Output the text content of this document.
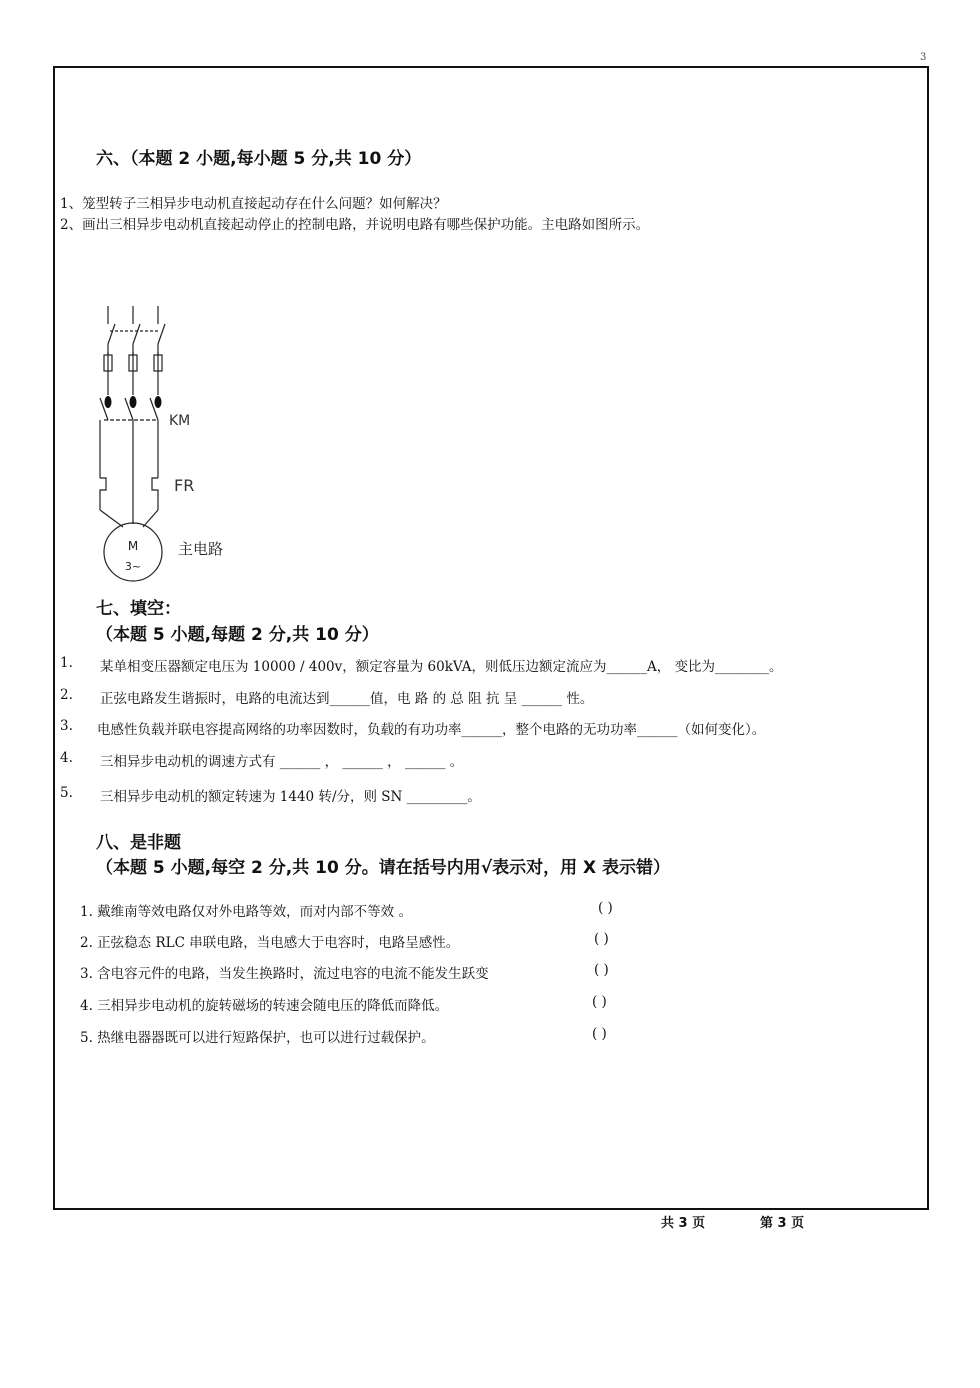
3
六、（本题 2 小题,每小题 5 分,共 10 分）
1、笼型转子三相异步电动机直接起动存在什么问题？如何解决？
2、画出三相异步电动机直接起动停止的控制电路，并说明电路有哪些保护功能。主电路如图所示。
KM
FR
M
3~
主电路
七、填空：
（本题 5 小题,每题 2 分,共 10 分）
1. 某单相变压器额定电压为 10000 / 400v，额定容量为 60kVA，则低压边额定流应为______A， 变比为________。
2. 正弦电路发生谐振时，电路的电流达到______值，电 路 的 总 阻 抗 呈 ______ 性。
3. 电感性负载并联电容提高网络的功率因数时，负载的有功功率______，整个电路的无功功率______（如何变化）。
4. 三相异步电动机的调速方式有 ______ ， ______ ， ______ 。
5. 三相异步电动机的额定转速为 1440 转/分，则 SN _________。
八、是非题
（本题 5 小题,每空 2 分,共 10 分。请在括号内用√表示对，用 X 表示错）
1. 戴维南等效电路仅对外电路等效，而对内部不等效 。	( )
2. 正弦稳态 RLC 串联电路，当电感大于电容时，电路呈感性。	( )
3. 含电容元件的电路，当发生换路时，流过电容的电流不能发生跃变	( )
4. 三相异步电动机的旋转磁场的转速会随电压的降低而降低。	( )
5. 热继电器器既可以进行短路保护，也可以进行过载保护。	( )
共 3 页	第 3 页
